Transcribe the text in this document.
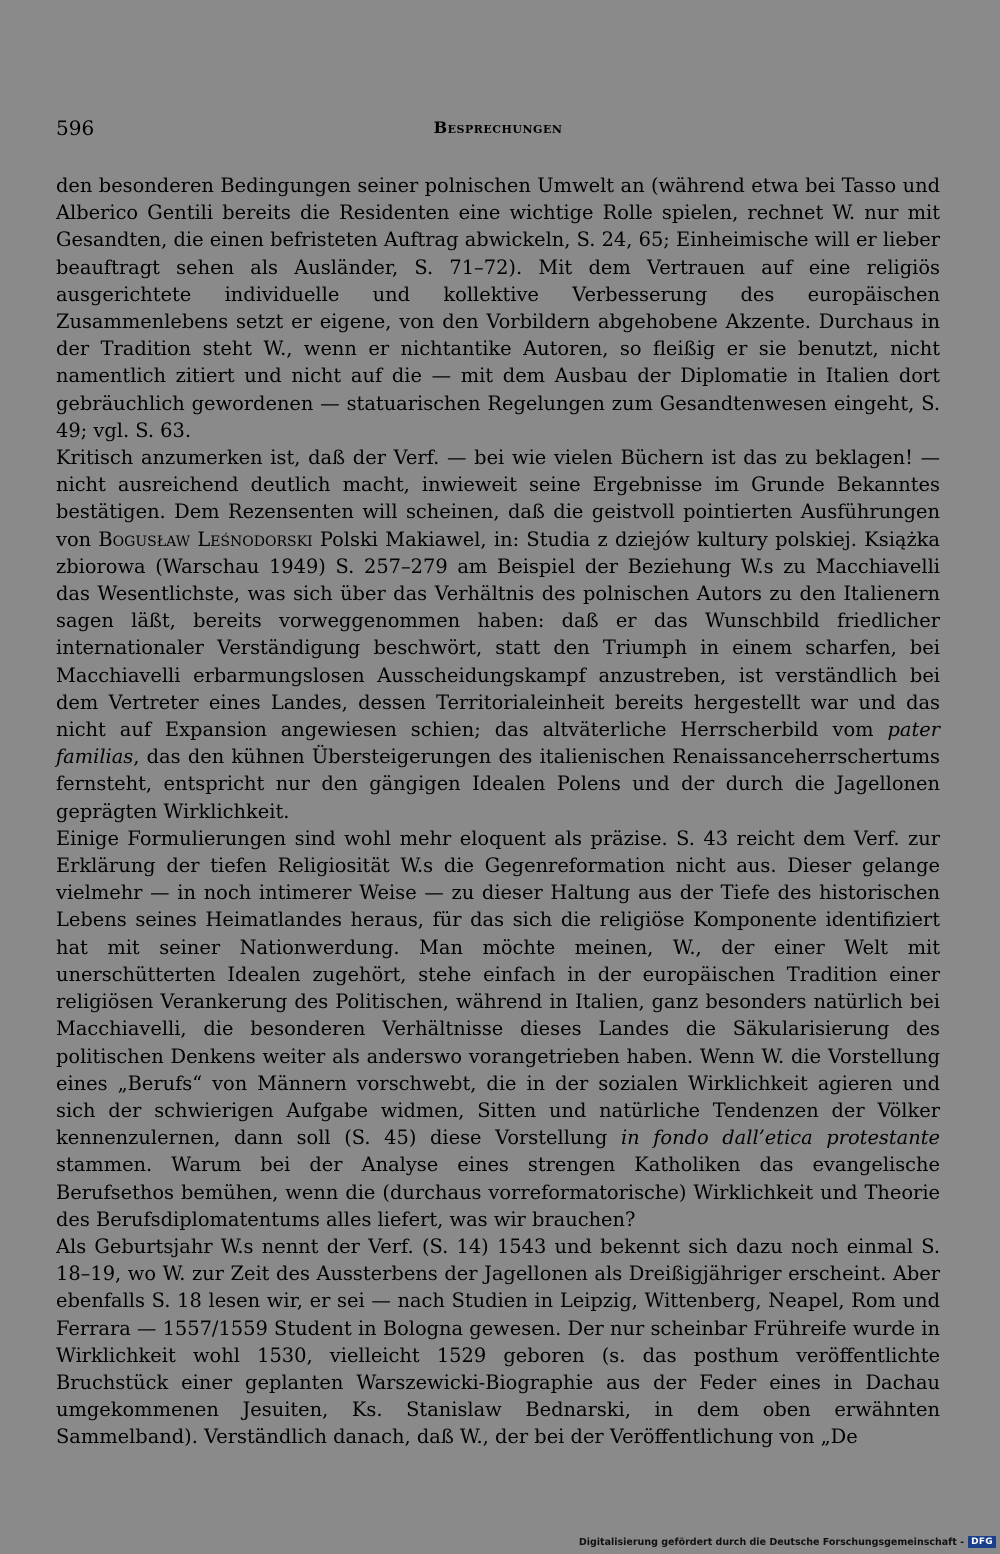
596	Besprechungen

den besonderen Bedingungen seiner polnischen Umwelt an (während etwa bei Tasso und Alberico Gentili bereits die Residenten eine wichtige Rolle spielen, rechnet W. nur mit Gesandten, die einen befristeten Auftrag abwickeln, S. 24, 65; Einheimische will er lieber beauftragt sehen als Ausländer, S. 71–72). Mit dem Vertrauen auf eine religiös ausgerichtete individuelle und kollektive Verbesserung des europäischen Zusammenlebens setzt er eigene, von den Vorbildern abgehobene Akzente. Durchaus in der Tradition steht W., wenn er nichtantike Autoren, so fleißig er sie benutzt, nicht namentlich zitiert und nicht auf die — mit dem Ausbau der Diplomatie in Italien dort gebräuchlich gewordenen — statuarischen Regelungen zum Gesandtenwesen eingeht, S. 49; vgl. S. 63.

Kritisch anzumerken ist, daß der Verf. — bei wie vielen Büchern ist das zu beklagen! — nicht ausreichend deutlich macht, inwieweit seine Ergebnisse im Grunde Bekanntes bestätigen. Dem Rezensenten will scheinen, daß die geistvoll pointierten Ausführungen von Bogusław Leśnodorski Polski Makiawel, in: Studia z dziejów kultury polskiej. Książka zbiorowa (Warschau 1949) S. 257–279 am Beispiel der Beziehung W.s zu Macchiavelli das Wesentlichste, was sich über das Verhältnis des polnischen Autors zu den Italienern sagen läßt, bereits vorweggenommen haben: daß er das Wunschbild friedlicher internationaler Verständigung beschwört, statt den Triumph in einem scharfen, bei Macchiavelli erbarmungslosen Ausscheidungskampf anzustreben, ist verständlich bei dem Vertreter eines Landes, dessen Territorialeinheit bereits hergestellt war und das nicht auf Expansion angewiesen schien; das altväterliche Herrscherbild vom pater familias, das den kühnen Übersteigerungen des italienischen Renaissanceherrschertums fernsteht, entspricht nur den gängigen Idealen Polens und der durch die Jagellonen geprägten Wirklichkeit.

Einige Formulierungen sind wohl mehr eloquent als präzise. S. 43 reicht dem Verf. zur Erklärung der tiefen Religiosität W.s die Gegenreformation nicht aus. Dieser gelange vielmehr — in noch intimerer Weise — zu dieser Haltung aus der Tiefe des historischen Lebens seines Heimatlandes heraus, für das sich die religiöse Komponente identifiziert hat mit seiner Nationwerdung. Man möchte meinen, W., der einer Welt mit unerschütterten Idealen zugehört, stehe einfach in der europäischen Tradition einer religiösen Verankerung des Politischen, während in Italien, ganz besonders natürlich bei Macchiavelli, die besonderen Verhältnisse dieses Landes die Säkularisierung des politischen Denkens weiter als anderswo vorangetrieben haben. Wenn W. die Vorstellung eines „Berufs“ von Männern vorschwebt, die in der sozialen Wirklichkeit agieren und sich der schwierigen Aufgabe widmen, Sitten und natürliche Tendenzen der Völker kennenzulernen, dann soll (S. 45) diese Vorstellung in fondo dall’etica protestante stammen. Warum bei der Analyse eines strengen Katholiken das evangelische Berufsethos bemühen, wenn die (durchaus vorreformatorische) Wirklichkeit und Theorie des Berufsdiplomatentums alles liefert, was wir brauchen?

Als Geburtsjahr W.s nennt der Verf. (S. 14) 1543 und bekennt sich dazu noch einmal S. 18–19, wo W. zur Zeit des Aussterbens der Jagellonen als Dreißigjähriger erscheint. Aber ebenfalls S. 18 lesen wir, er sei — nach Studien in Leipzig, Wittenberg, Neapel, Rom und Ferrara — 1557/1559 Student in Bologna gewesen. Der nur scheinbar Frühreife wurde in Wirklichkeit wohl 1530, vielleicht 1529 geboren (s. das posthum veröffentlichte Bruchstück einer geplanten Warszewicki-Biographie aus der Feder eines in Dachau umgekommenen Jesuiten, Ks. Stanislaw Bednarski, in dem oben erwähnten Sammelband). Verständlich danach, daß W., der bei der Veröffentlichung von „De

Digitalisierung gefördert durch die Deutsche Forschungsgemeinschaft - DFG
